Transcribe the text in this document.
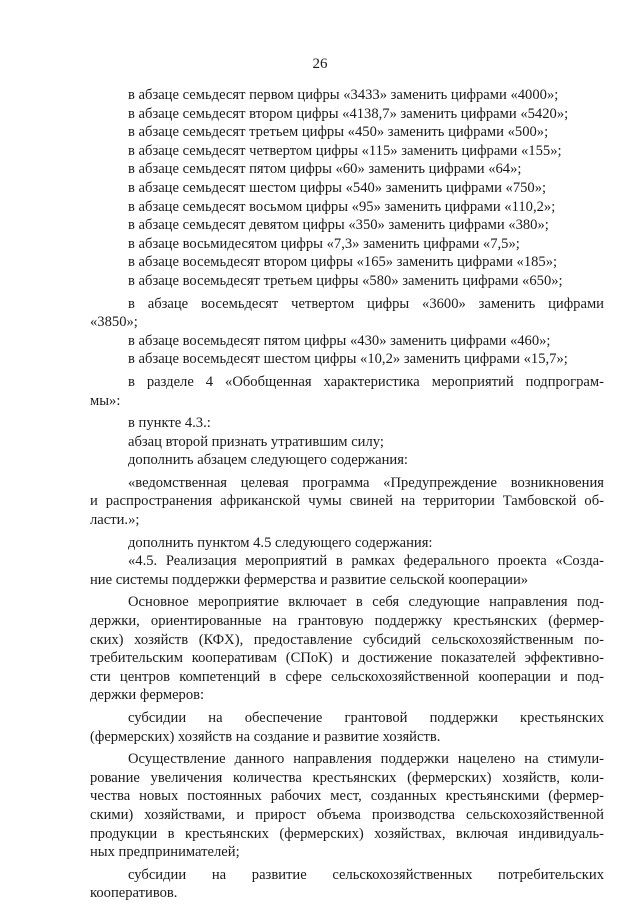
26

в абзаце семьдесят первом цифры «3433» заменить цифрами «4000»;

в абзаце семьдесят втором цифры «4138,7» заменить цифрами «5420»;

в абзаце семьдесят третьем цифры «450» заменить цифрами «500»;

в абзаце семьдесят четвертом цифры «115» заменить цифрами «155»;

в абзаце семьдесят пятом цифры «60» заменить цифрами «64»;

в абзаце семьдесят шестом цифры «540» заменить цифрами «750»;

в абзаце семьдесят восьмом цифры «95» заменить цифрами «110,2»;

в абзаце семьдесят девятом цифры «350» заменить цифрами «380»;

в абзаце восьмидесятом цифры «7,3» заменить цифрами «7,5»;

в абзаце восемьдесят втором цифры «165» заменить цифрами «185»;

в абзаце восемьдесят третьем цифры «580» заменить цифрами «650»;

в абзаце восемьдесят четвертом цифры «3600» заменить цифрами
«3850»;

в абзаце восемьдесят пятом цифры «430» заменить цифрами «460»;

в абзаце восемьдесят шестом цифры «10,2» заменить цифрами «15,7»;

в разделе 4 «Обобщенная характеристика мероприятий подпрограм-
мы»:

в пункте 4.3.:

абзац второй признать утратившим силу;

дополнить абзацем следующего содержания:

«ведомственная целевая программа «Предупреждение возникновения
и распространения африканской чумы свиней на территории Тамбовской об-
ласти.»;

дополнить пунктом 4.5 следующего содержания:

«4.5. Реализация мероприятий в рамках федерального проекта «Созда-
ние системы поддержки фермерства и развитие сельской кооперации»
Основное мероприятие включает в себя следующие направления под-
держки, ориентированные на грантовую поддержку крестьянских (фермер-
ских) хозяйств (КФХ), предоставление субсидий сельскохозяйственным по-
требительским кооперативам (СПоК) и достижение показателей эффективно-
сти центров компетенций в сфере сельскохозяйственной кооперации и под-
держки фермеров:
субсидии на обеспечение грантовой поддержки крестьянских
(фермерских) хозяйств на создание и развитие хозяйств.
Осуществление данного направления поддержки нацелено на стимули-
рование увеличения количества крестьянских (фермерских) хозяйств, коли-
чества новых постоянных рабочих мест, созданных крестьянскими (фермер-
скими) хозяйствами, и прирост объема производства сельскохозяйственной
продукции в крестьянских (фермерских) хозяйствах, включая индивидуаль-
ных предпринимателей;
субсидии на развитие сельскохозяйственных потребительских
кооперативов.
